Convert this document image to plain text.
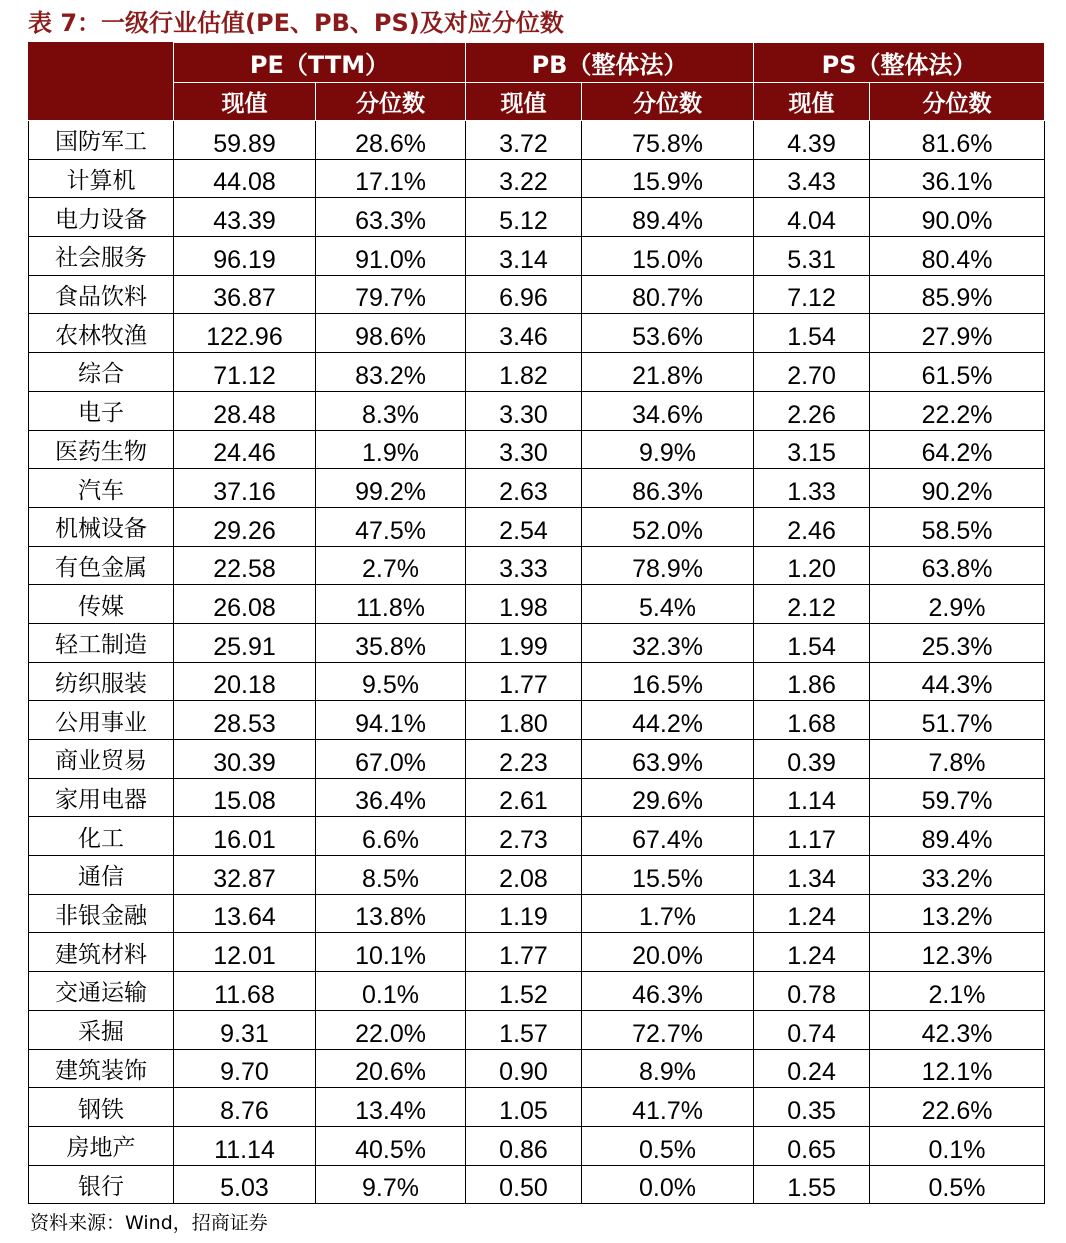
表 7：一级行业估值(PE、PB、PS)及对应分位数
	PE（TTM）		PB（整体法）		PS（整体法）	
	现值	分位数	现值	分位数	现值	分位数
国防军工	59.89	28.6%	3.72	75.8%	4.39	81.6%
计算机	44.08	17.1%	3.22	15.9%	3.43	36.1%
电力设备	43.39	63.3%	5.12	89.4%	4.04	90.0%
社会服务	96.19	91.0%	3.14	15.0%	5.31	80.4%
食品饮料	36.87	79.7%	6.96	80.7%	7.12	85.9%
农林牧渔	122.96	98.6%	3.46	53.6%	1.54	27.9%
综合	71.12	83.2%	1.82	21.8%	2.70	61.5%
电子	28.48	8.3%	3.30	34.6%	2.26	22.2%
医药生物	24.46	1.9%	3.30	9.9%	3.15	64.2%
汽车	37.16	99.2%	2.63	86.3%	1.33	90.2%
机械设备	29.26	47.5%	2.54	52.0%	2.46	58.5%
有色金属	22.58	2.7%	3.33	78.9%	1.20	63.8%
传媒	26.08	11.8%	1.98	5.4%	2.12	2.9%
轻工制造	25.91	35.8%	1.99	32.3%	1.54	25.3%
纺织服装	20.18	9.5%	1.77	16.5%	1.86	44.3%
公用事业	28.53	94.1%	1.80	44.2%	1.68	51.7%
商业贸易	30.39	67.0%	2.23	63.9%	0.39	7.8%
家用电器	15.08	36.4%	2.61	29.6%	1.14	59.7%
化工	16.01	6.6%	2.73	67.4%	1.17	89.4%
通信	32.87	8.5%	2.08	15.5%	1.34	33.2%
非银金融	13.64	13.8%	1.19	1.7%	1.24	13.2%
建筑材料	12.01	10.1%	1.77	20.0%	1.24	12.3%
交通运输	11.68	0.1%	1.52	46.3%	0.78	2.1%
采掘	9.31	22.0%	1.57	72.7%	0.74	42.3%
建筑装饰	9.70	20.6%	0.90	8.9%	0.24	12.1%
钢铁	8.76	13.4%	1.05	41.7%	0.35	22.6%
房地产	11.14	40.5%	0.86	0.5%	0.65	0.1%
银行	5.03	9.7%	0.50	0.0%	1.55	0.5%
资料来源：Wind，招商证券
